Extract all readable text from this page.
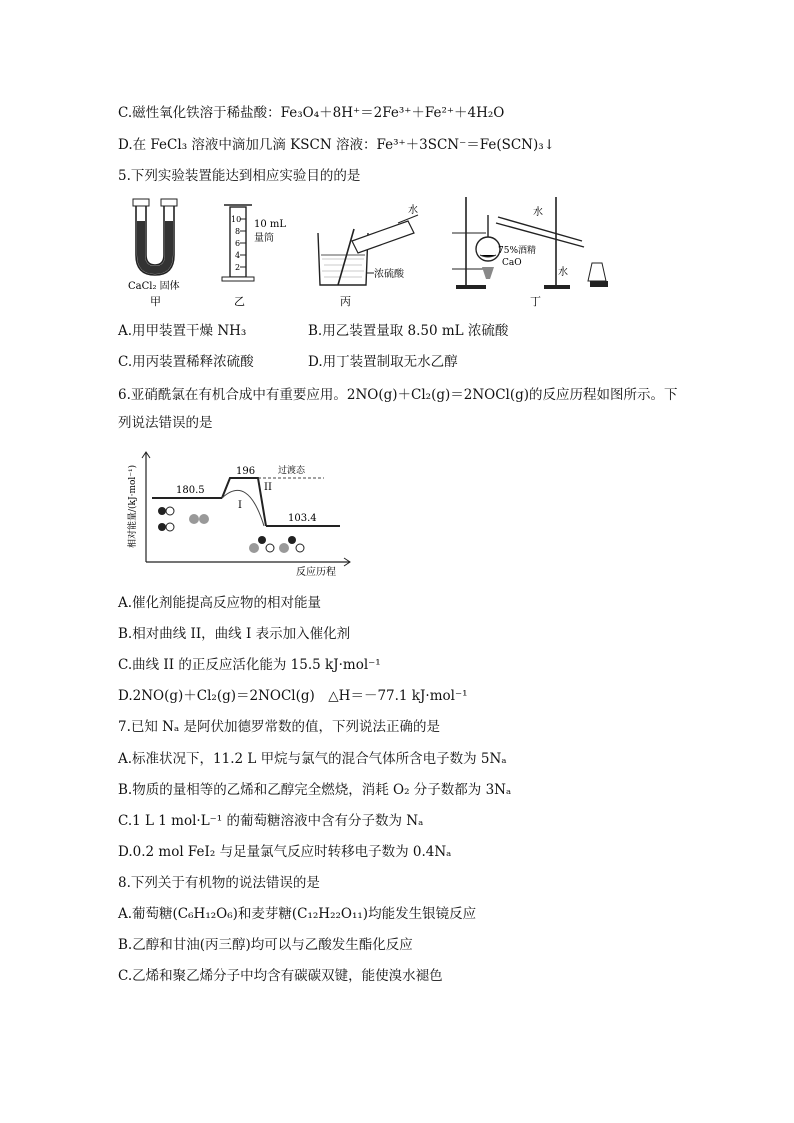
C.磁性氧化铁溶于稀盐酸：Fe₃O₄＋8H⁺＝2Fe³⁺＋Fe²⁺＋4H₂O
D.在 FeCl₃ 溶液中滴加几滴 KSCN 溶液：Fe³⁺＋3SCN⁻＝Fe(SCN)₃↓
5.下列实验装置能达到相应实验目的的是
CaCl₂ 固体
甲
10
8
6
4
2
10 mL
量筒
乙
水
浓硫酸
丙
水
水
75%酒精
CaO
丁
A.用甲装置干燥 NH₃	B.用乙装置量取 8.50 mL 浓硫酸
C.用丙装置稀释浓硫酸	D.用丁装置制取无水乙醇
6.亚硝酰氯在有机合成中有重要应用。2NO(g)＋Cl₂(g)＝2NOCl(g)的反应历程如图所示。下
列说法错误的是
相对能量/(kJ·mol⁻¹)
反应历程
180.5
196	过渡态
II
I
103.4
A.催化剂能提高反应物的相对能量
B.相对曲线 II，曲线 I 表示加入催化剂
C.曲线 II 的正反应活化能为 15.5 kJ·mol⁻¹
D.2NO(g)＋Cl₂(g)＝2NOCl(g)　△H＝－77.1 kJ·mol⁻¹
7.已知 Nₐ 是阿伏加德罗常数的值，下列说法正确的是
A.标准状况下，11.2 L 甲烷与氯气的混合气体所含电子数为 5Nₐ
B.物质的量相等的乙烯和乙醇完全燃烧，消耗 O₂ 分子数都为 3Nₐ
C.1 L 1 mol·L⁻¹ 的葡萄糖溶液中含有分子数为 Nₐ
D.0.2 mol FeI₂ 与足量氯气反应时转移电子数为 0.4Nₐ
8.下列关于有机物的说法错误的是
A.葡萄糖(C₆H₁₂O₆)和麦芽糖(C₁₂H₂₂O₁₁)均能发生银镜反应
B.乙醇和甘油(丙三醇)均可以与乙酸发生酯化反应
C.乙烯和聚乙烯分子中均含有碳碳双键，能使溴水褪色
